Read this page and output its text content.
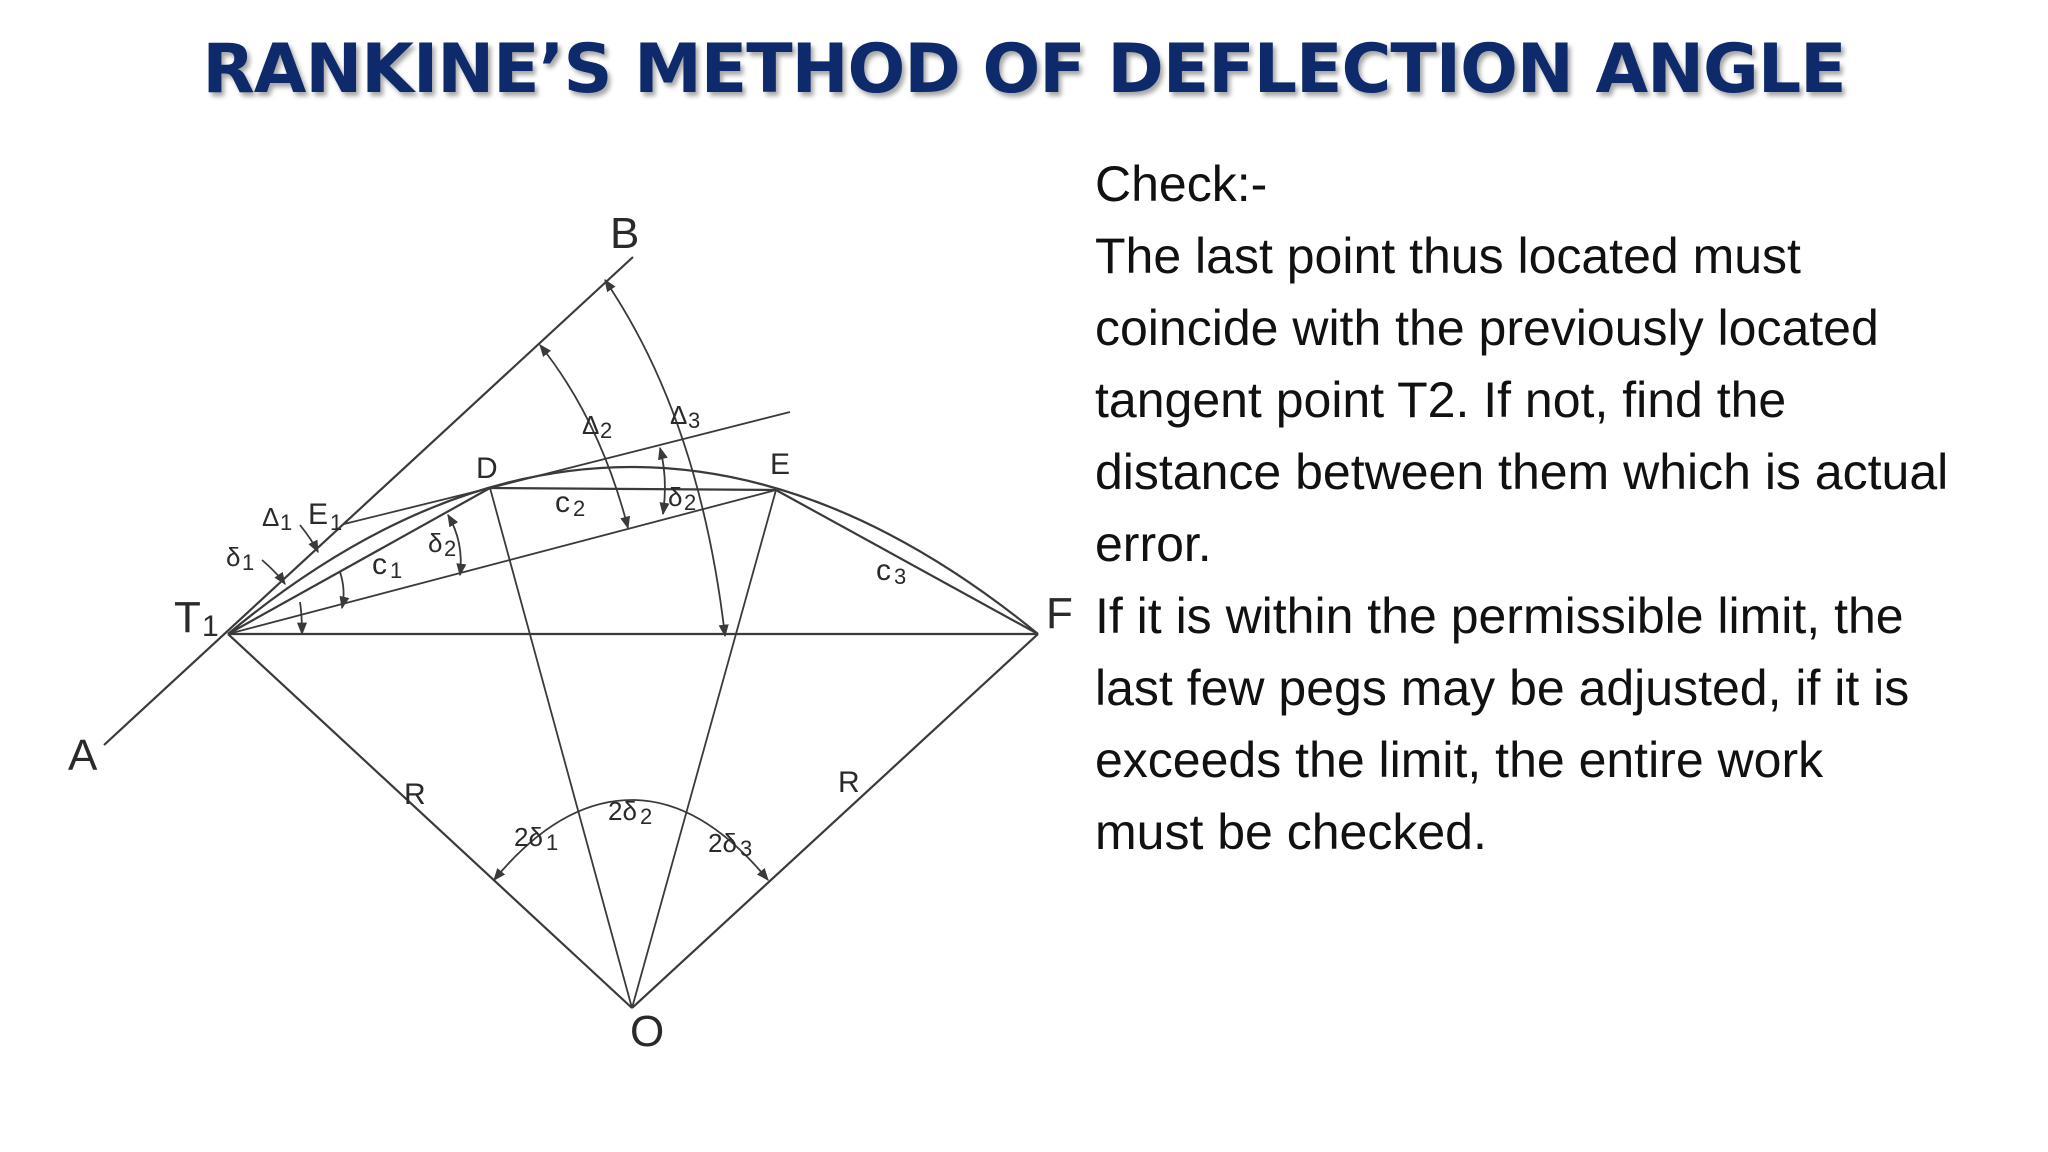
RANKINE’S METHOD OF DEFLECTION ANGLE
B
A
T 1
E 1
D	E
F
O
c 1
c 2
c 3
R	R
Δ 1
δ 1
Δ 2
Δ 3
δ 2
δ 2
2δ 1
2δ 2
2δ 3
Check:-
The last point thus located must
coincide with the previously located
tangent point T2. If not, find the
distance between them which is actual
error.
If it is within the permissible limit, the
last few pegs may be adjusted, if it is
exceeds the limit, the entire work
must be checked.
